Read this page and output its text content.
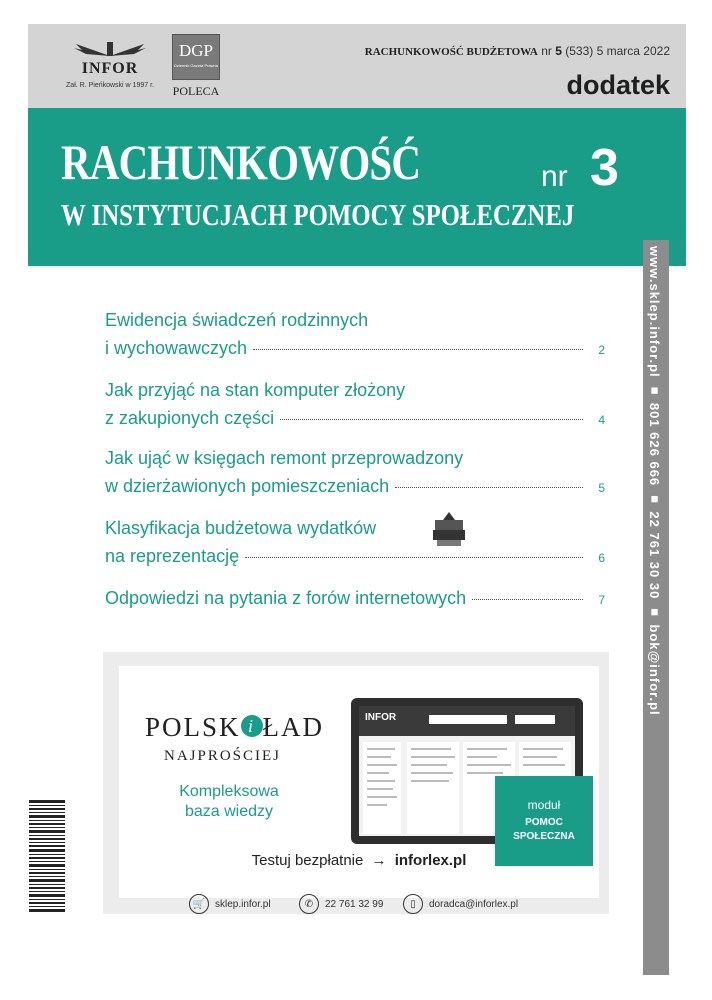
INFOR
Zał. R. Pieńkowski w 1997 r.
DGP
Dziennik Gazeta Prawna
POLECA
RACHUNKOWOŚĆ BUDŻETOWA nr 5 (533) 5 marca 2022
dodatek
RACHUNKOWOŚĆ	nr 3
W INSTYTUCJACH POMOCY SPOŁECZNEJ
www.sklep.infor.pl ■ 801 626 666 ■ 22 761 30 30 ■ bok@infor.pl
Ewidencja świadczeń rodzinnych
i wychowawczych	2
Jak przyjąć na stan komputer złożony
z zakupionych części	4
Jak ująć w księgach remont przeprowadzony
w dzierżawionych pomieszczeniach	5
Klasyfikacja budżetowa wydatków
na reprezentację	6
Odpowiedzi na pytania z forów internetowych	7
POLSK i ŁAD
NAJPROŚCIEJ
Kompleksowa
baza wiedzy
INFOR
moduł
POMOC
SPOŁECZNA
Testuj bezpłatnie → inforlex.pl
🛒 sklep.infor.pl	✆	22 761 32 99	▯	doradca@inforlex.pl
